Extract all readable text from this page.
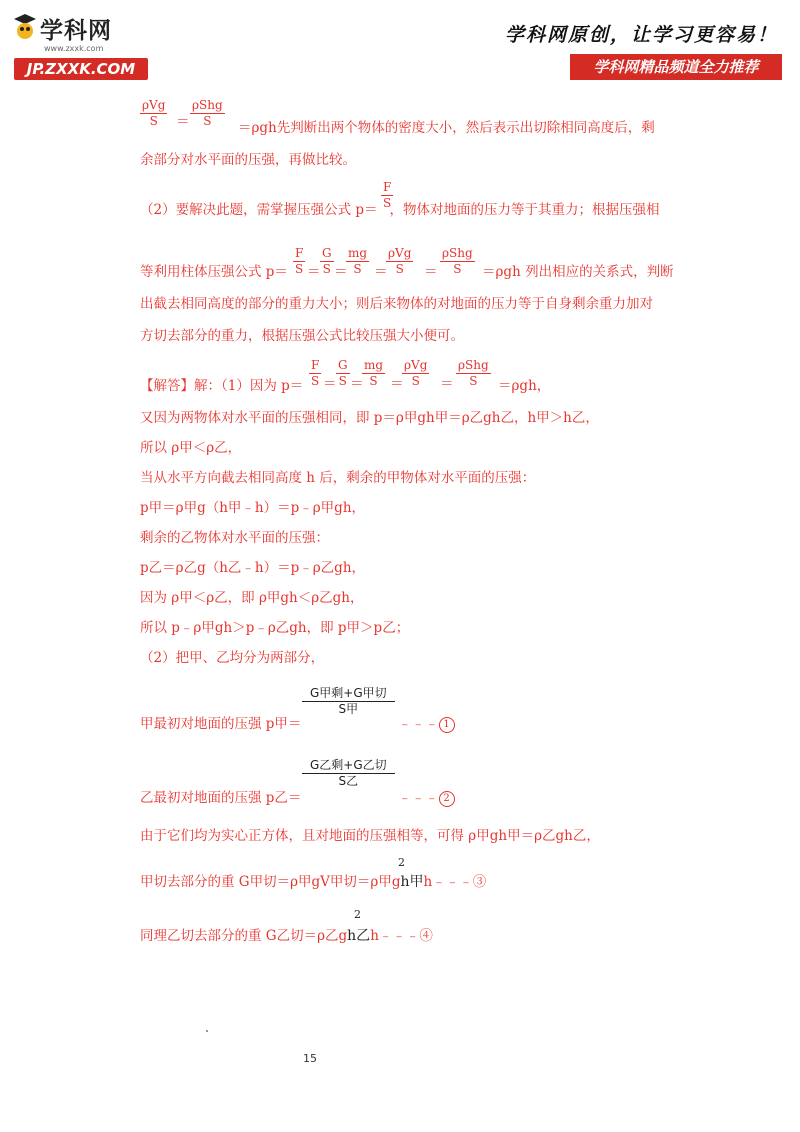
学科网
www.zxxk.com
JP.ZXXK.COM
学科网原创，让学习更容易！
学科网精品频道全力推荐
ρVg
S ＝
ρShg
S ＝ρgh先判断出两个物体的密度大小，然后表示出切除相同高度后，剩
余部分对水平面的压强，再做比较。
（2）要解决此题，需掌握压强公式 p＝ ，物体对地面的压力等于其重力；根据压强相
$\frac{F}{S}$
等利用柱体压强公式 $p= \frac{F}{S} = \frac{G}{S}$ ＝
$\frac{mg}{S}$ ＝
ρVg
S ＝
ρShg
S ＝ρgh 列出相应的关系式，判断
出截去相同高度的部分的重力大小；则后来物体的对地面的压力等于自身剩余重力加对
方切去部分的重力，根据压强公式比较压强大小便可。
【解答】解：（1）因为 $p= \frac{F}{S} = \frac{G}{S}$ ＝
$\frac{mg}{S}$ ＝
ρVg
S ＝
ρShg
S ＝ρgh，
又因为两物体对水平面的压强相同，即 p＝ρ甲gh甲＝ρ乙gh乙，h甲＞h乙，
所以 ρ甲＜ρ乙，
当从水平方向截去相同高度 h 后，剩余的甲物体对水平面的压强：
p甲＝ρ甲g（h甲﹣h）＝p﹣ρ甲gh，
剩余的乙物体对水平面的压强：
p乙＝ρ乙g（h乙﹣h）＝p﹣ρ乙gh，
因为 ρ甲＜ρ乙，即 ρ甲gh＜ρ乙gh，
所以 p﹣ρ甲gh＞p﹣ρ乙gh，即 p甲＞p乙；
（2）把甲、乙均分为两部分，
甲最初对地面的压强 p甲＝
G甲剩+G甲切
S甲
﹣﹣﹣ 1
乙最初对地面的压强 p乙＝
G乙剩+G乙切
S乙
﹣﹣﹣ 2
由于它们均为实心正方体，且对地面的压强相等，可得 ρ甲gh甲＝ρ乙gh乙，
甲切去部分的重 G甲切＝ρ甲gV甲切＝ρ甲gh甲h﹣﹣﹣③
2
同理乙切去部分的重 G乙切＝ρ乙gh乙h﹣﹣﹣④
2
15
